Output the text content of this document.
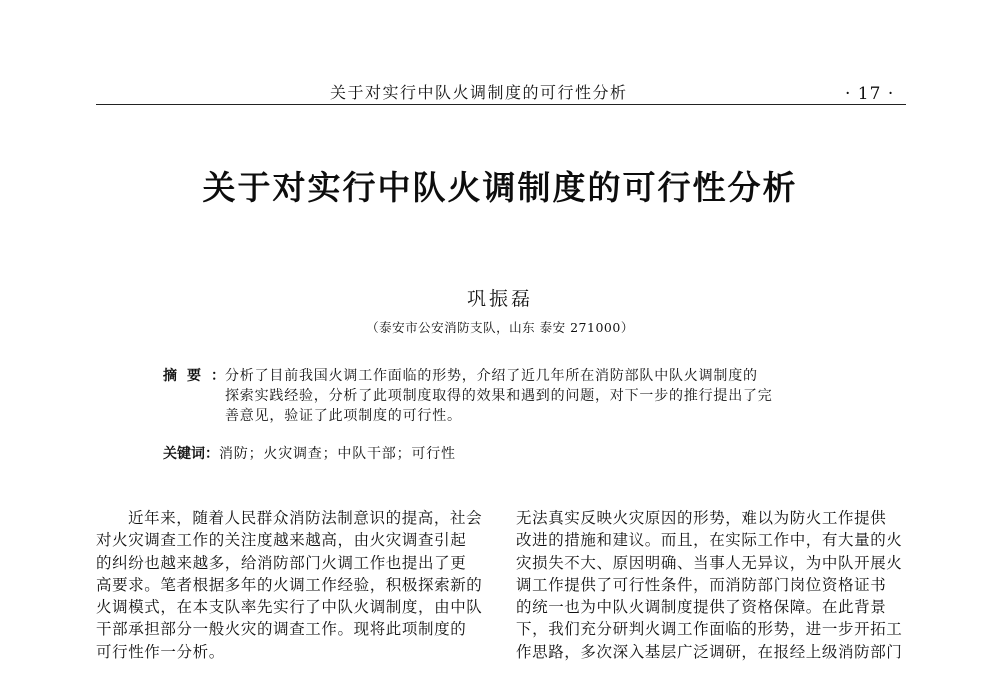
关于对实行中队火调制度的可行性分析	· 17 ·
关于对实行中队火调制度的可行性分析
巩振磊
（泰安市公安消防支队，山东 泰安 271000）
摘要：
分析了目前我国火调工作面临的形势，介绍了近几年所在消防部队中队火调制度的
探索实践经验，分析了此项制度取得的效果和遇到的问题，对下一步的推行提出了完
善意见，验证了此项制度的可行性。
关键词：消防；火灾调查；中队干部；可行性
近年来，随着人民群众消防法制意识的提高，社会
对火灾调查工作的关注度越来越高，由火灾调查引起
的纠纷也越来越多，给消防部门火调工作也提出了更
高要求。笔者根据多年的火调工作经验，积极探索新的
火调模式，在本支队率先实行了中队火调制度，由中队
干部承担部分一般火灾的调查工作。现将此项制度的
可行性作一分析。
无法真实反映火灾原因的形势，难以为防火工作提供
改进的措施和建议。而且，在实际工作中，有大量的火
灾损失不大、原因明确、当事人无异议，为中队开展火
调工作提供了可行性条件，而消防部门岗位资格证书
的统一也为中队火调制度提供了资格保障。在此背景
下，我们充分研判火调工作面临的形势，进一步开拓工
作思路，多次深入基层广泛调研，在报经上级消防部门
